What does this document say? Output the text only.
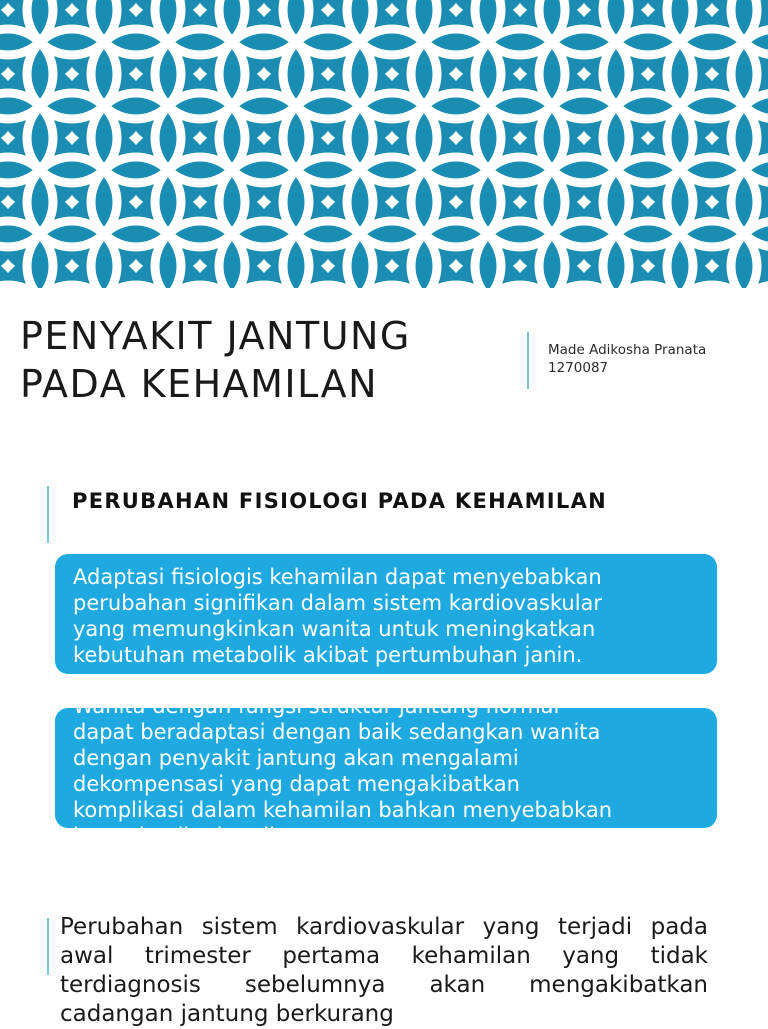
PENYAKIT JANTUNG
PADA KEHAMILAN
Made Adikosha Pranata
1270087
PERUBAHAN FISIOLOGI PADA KEHAMILAN
Adaptasi fisiologis kehamilan dapat menyebabkan
perubahan signifikan dalam sistem kardiovaskular
yang memungkinkan wanita untuk meningkatkan
kebutuhan metabolik akibat pertumbuhan janin.
Wanita dengan fungsi struktur jantung normal
dapat beradaptasi dengan baik sedangkan wanita
dengan penyakit jantung akan mengalami
dekompensasi yang dapat mengakibatkan
komplikasi dalam kehamilan bahkan menyebabkan
kematian ibu hamil.
Perubahan sistem kardiovaskular yang terjadi pada awal trimester pertama kehamilan yang tidak terdiagnosis sebelumnya akan mengakibatkan cadangan jantung berkurang
